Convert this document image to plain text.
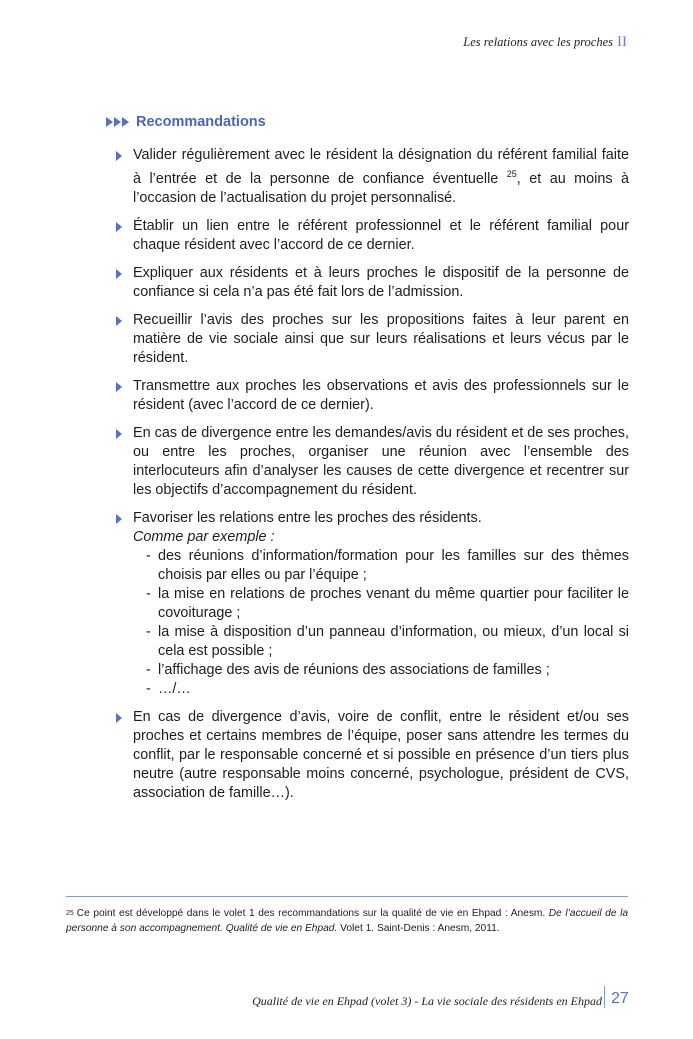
Les relations avec les proches II
Recommandations
Valider régulièrement avec le résident la désignation du référent familial faite à l’entrée et de la personne de confiance éventuelle $^{25}$, et au moins à l’occasion de l’actualisation du projet personnalisé.
Établir un lien entre le référent professionnel et le référent familial pour chaque résident avec l’accord de ce dernier.
Expliquer aux résidents et à leurs proches le dispositif de la personne de confiance si cela n’a pas été fait lors de l’admission.
Recueillir l’avis des proches sur les propositions faites à leur parent en matière de vie sociale ainsi que sur leurs réalisations et leurs vécus par le résident.
Transmettre aux proches les observations et avis des professionnels sur le résident (avec l’accord de ce dernier).
En cas de divergence entre les demandes/avis du résident et de ses proches, ou entre les proches, organiser une réunion avec l’ensemble des interlocuteurs afin d’analyser les causes de cette divergence et recentrer sur les objectifs d’accompagnement du résident.
Favoriser les relations entre les proches des résidents.
Comme par exemple :
- des réunions d’information/formation pour les familles sur des thèmes choisis par elles ou par l’équipe ;
- la mise en relations de proches venant du même quartier pour faciliter le covoiturage ;
- la mise à disposition d’un panneau d’information, ou mieux, d’un local si cela est possible ;
- l’affichage des avis de réunions des associations de familles ;
- …/…
En cas de divergence d’avis, voire de conflit, entre le résident et/ou ses proches et certains membres de l’équipe, poser sans attendre les termes du conflit, par le responsable concerné et si possible en présence d’un tiers plus neutre (autre responsable moins concerné, psychologue, président de CVS, association de famille…).
$^{25}$ Ce point est développé dans le volet 1 des recommandations sur la qualité de vie en Ehpad : Anesm. De l’accueil de la personne à son accompagnement. Qualité de vie en Ehpad. Volet 1. Saint-Denis : Anesm, 2011.
Qualité de vie en Ehpad (volet 3) - La vie sociale des résidents en Ehpad 27
